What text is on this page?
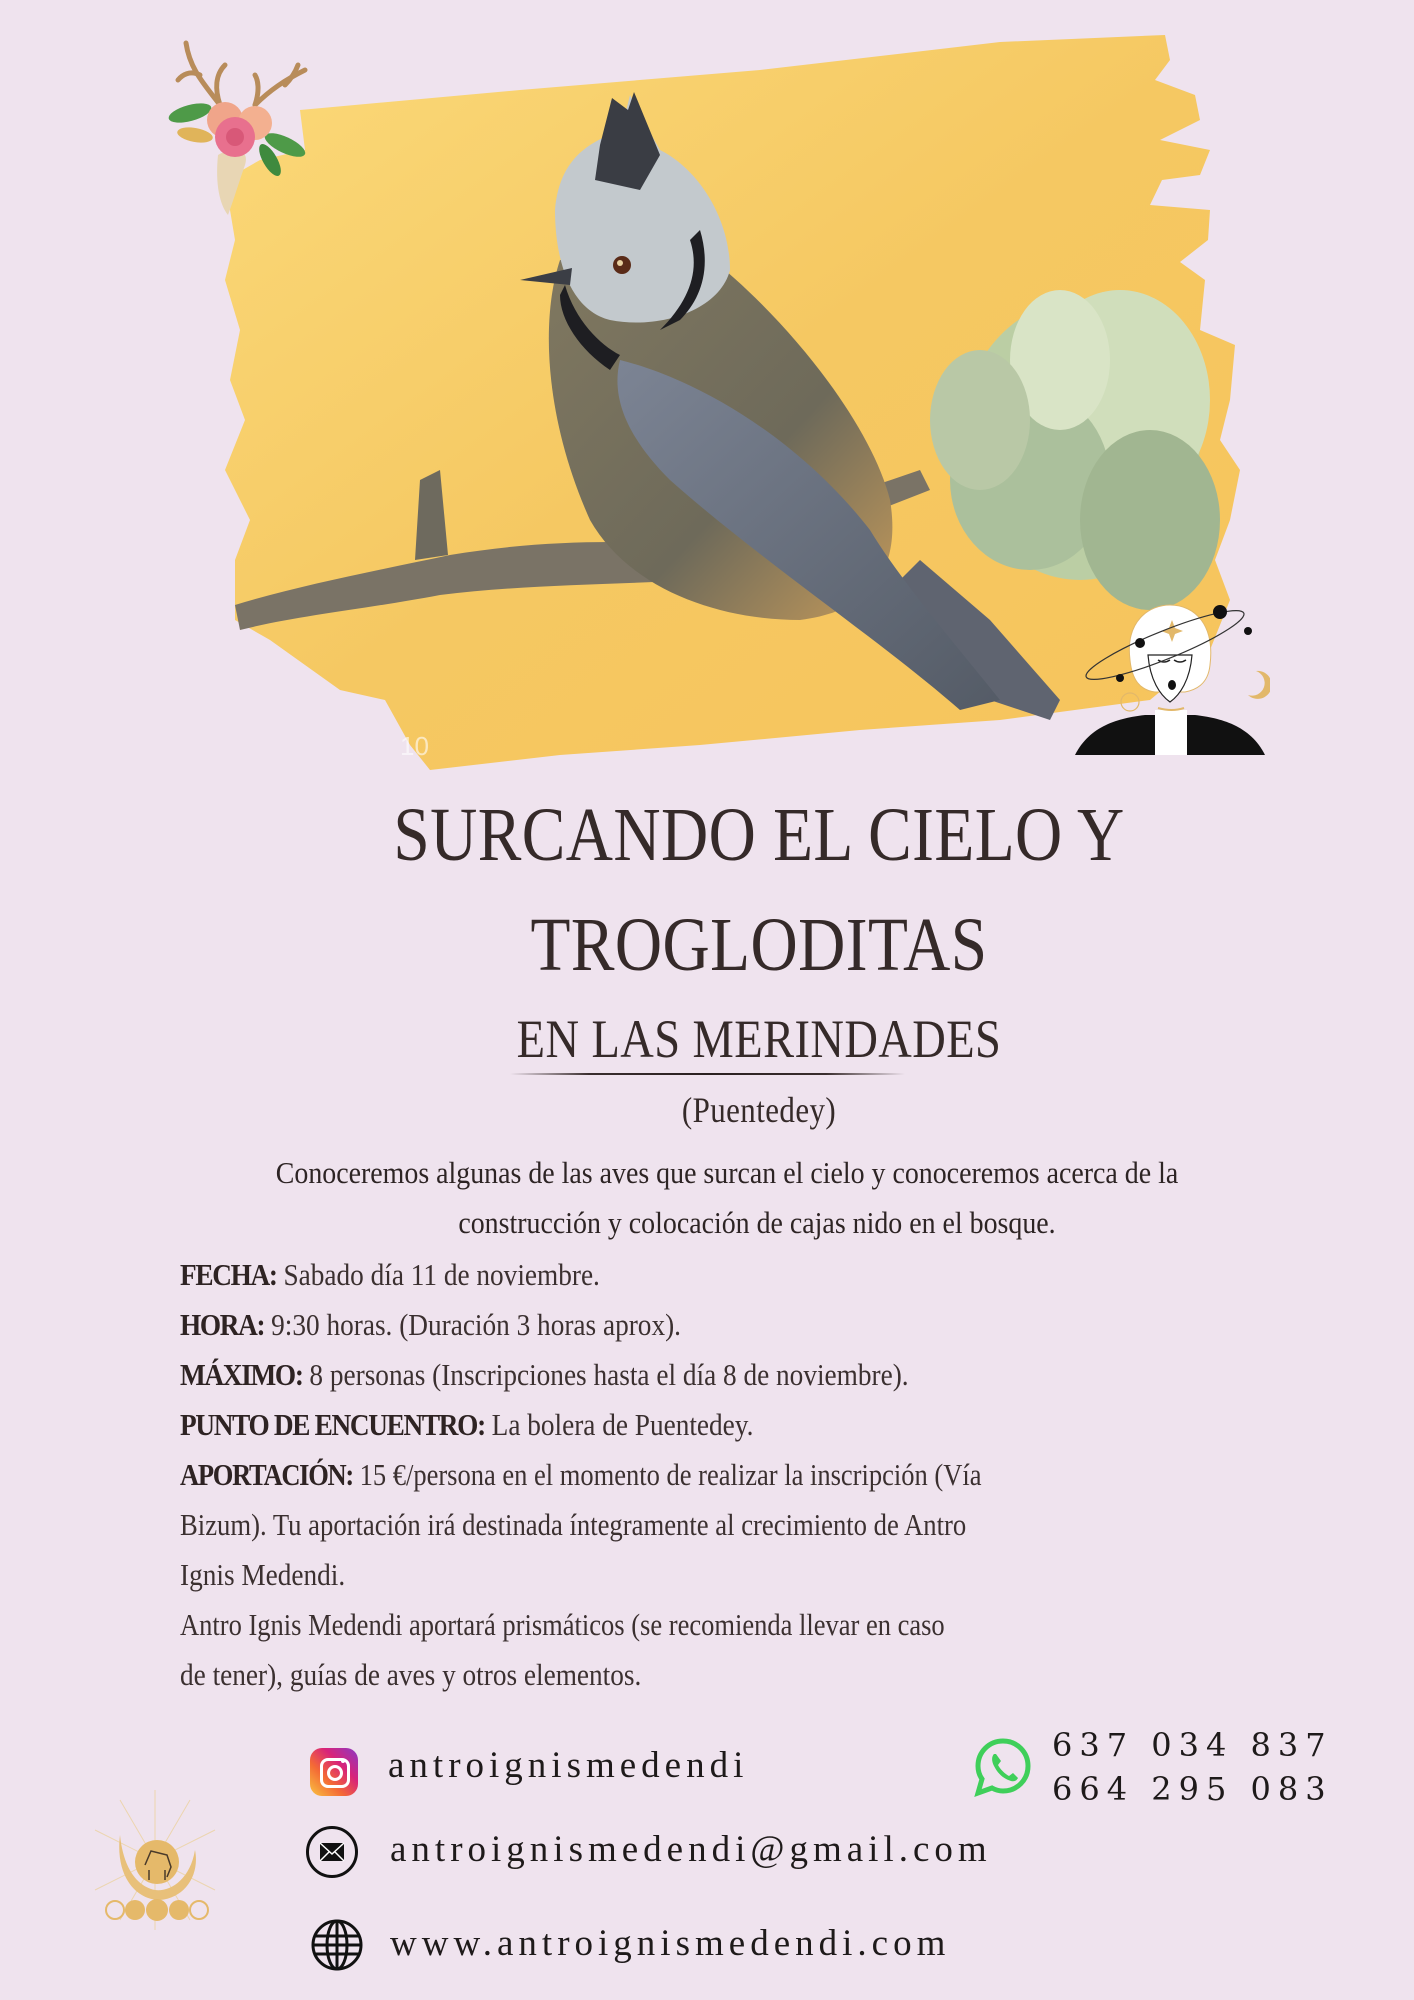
10
SURCANDO EL CIELO Y
TROGLODITAS
EN LAS MERINDADES
(Puentedey)
Conoceremos algunas de las aves que surcan el cielo y conoceremos acerca de la
construcción y colocación de cajas nido en el bosque.
FECHA: Sabado día 11 de noviembre.
HORA: 9:30 horas. (Duración 3 horas aprox).
MÁXIMO: 8 personas (Inscripciones hasta el día 8 de noviembre).
PUNTO DE ENCUENTRO: La bolera de Puentedey.
APORTACIÓN: 15 €/persona en el momento de realizar la inscripción (Vía
Bizum). Tu aportación irá destinada íntegramente al crecimiento de Antro
Ignis Medendi.
Antro Ignis Medendi aportará prismáticos (se recomienda llevar en caso
de tener), guías de aves y otros elementos.
antroignismedendi
antroignismedendi@gmail.com
www.antroignismedendi.com
637 034 837
664 295 083
